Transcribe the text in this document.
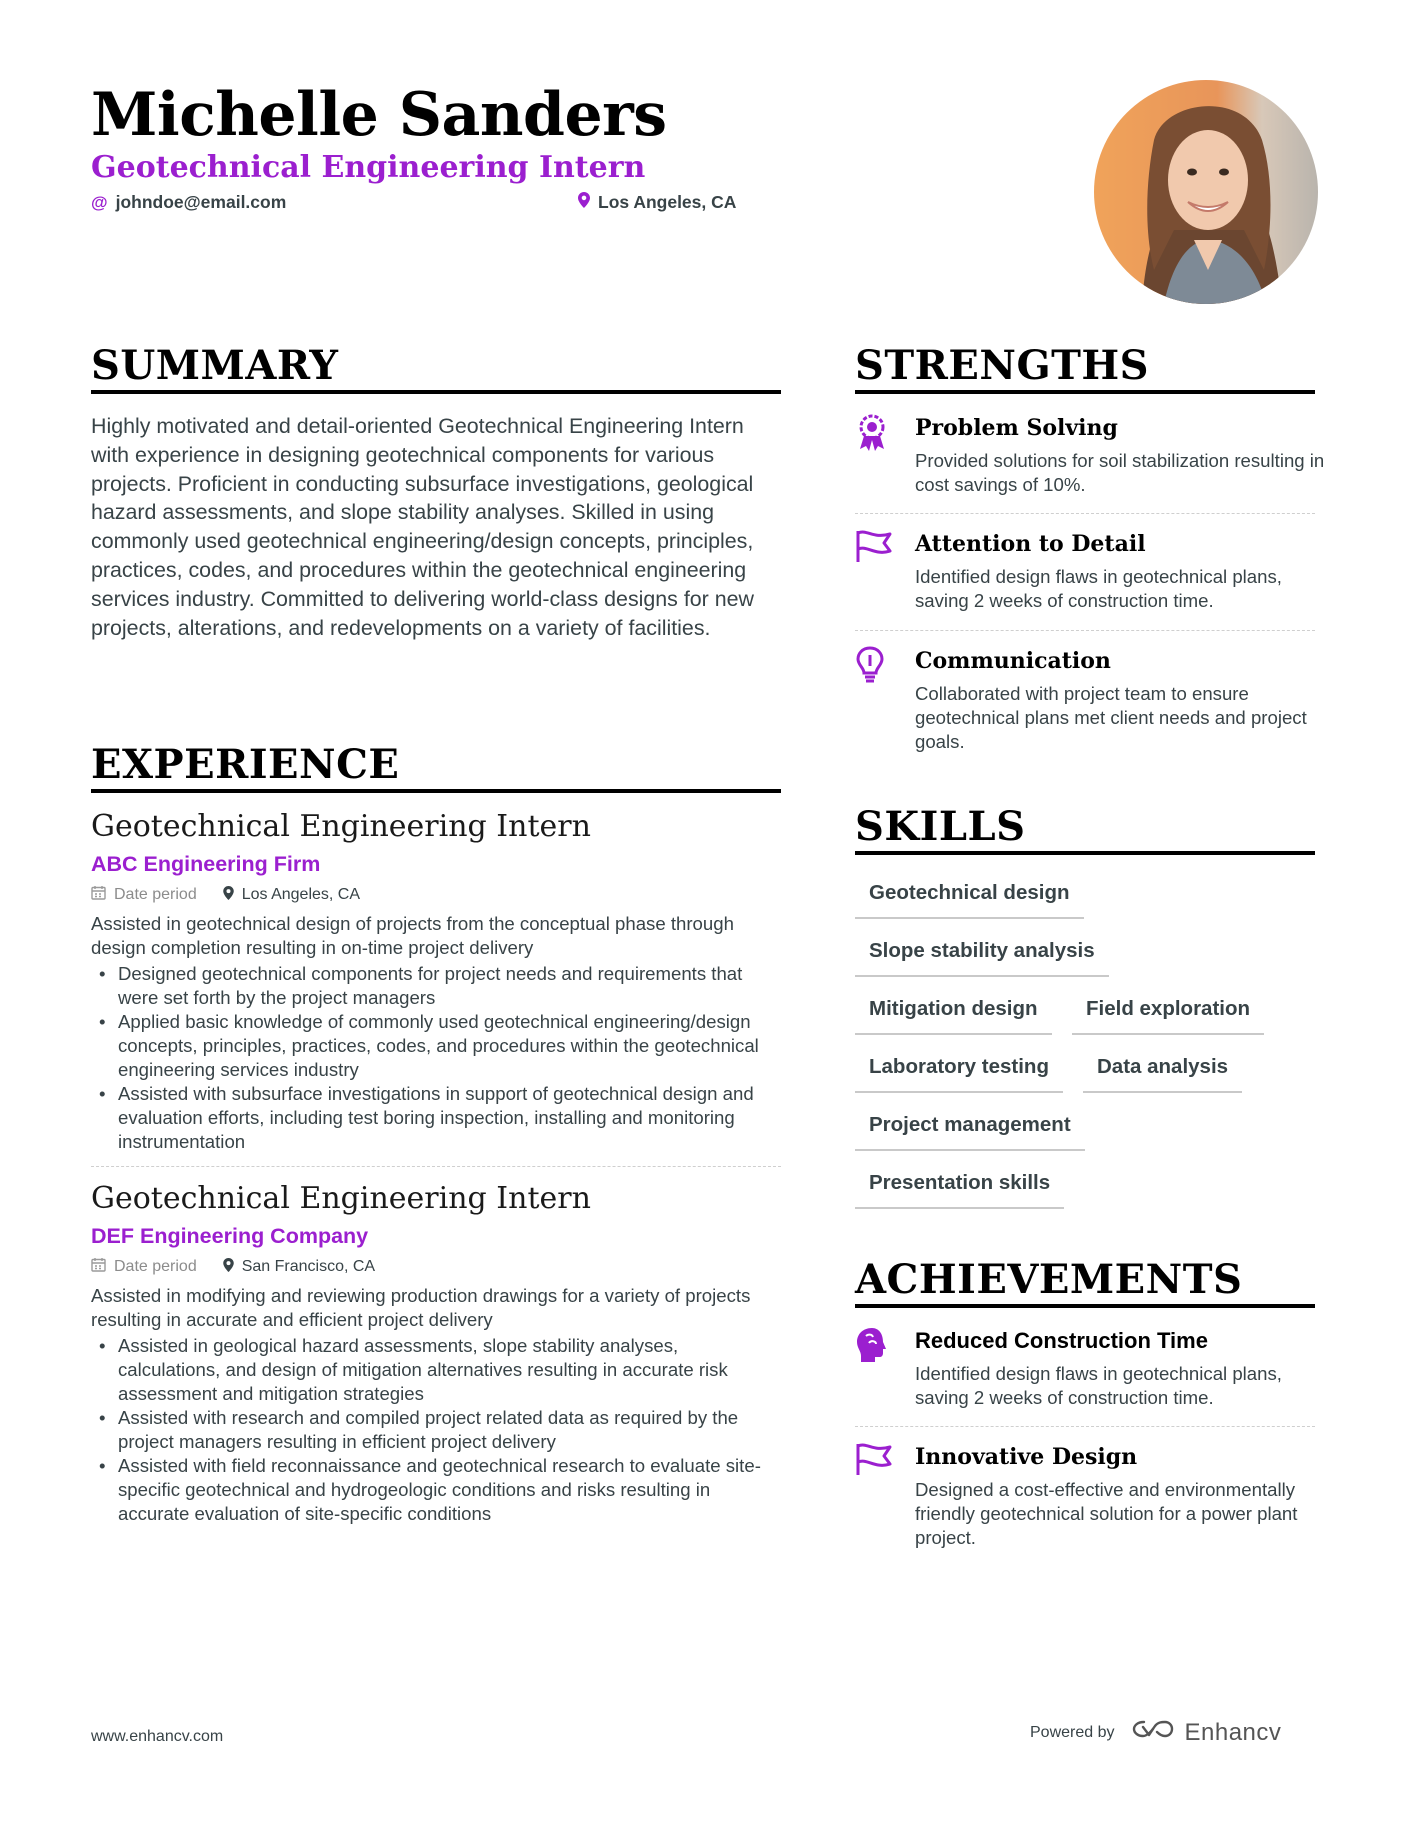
Michelle Sanders
Geotechnical Engineering Intern
@ johndoe@email.com	Los Angeles, CA
SUMMARY
Highly motivated and detail-oriented Geotechnical Engineering Intern with experience in designing geotechnical components for various projects. Proficient in conducting subsurface investigations, geological hazard assessments, and slope stability analyses. Skilled in using commonly used geotechnical engineering/design concepts, principles, practices, codes, and procedures within the geotechnical engineering services industry. Committed to delivering world-class designs for new projects, alterations, and redevelopments on a variety of facilities.
EXPERIENCE
Geotechnical Engineering Intern
ABC Engineering Firm
Date period	Los Angeles, CA
Assisted in geotechnical design of projects from the conceptual phase through design completion resulting in on-time project delivery
• Designed geotechnical components for project needs and requirements that were set forth by the project managers
• Applied basic knowledge of commonly used geotechnical engineering/design concepts, principles, practices, codes, and procedures within the geotechnical engineering services industry
• Assisted with subsurface investigations in support of geotechnical design and evaluation efforts, including test boring inspection, installing and monitoring instrumentation
Geotechnical Engineering Intern
DEF Engineering Company
Date period	San Francisco, CA
Assisted in modifying and reviewing production drawings for a variety of projects resulting in accurate and efficient project delivery
• Assisted in geological hazard assessments, slope stability analyses, calculations, and design of mitigation alternatives resulting in accurate risk assessment and mitigation strategies
• Assisted with research and compiled project related data as required by the project managers resulting in efficient project delivery
• Assisted with field reconnaissance and geotechnical research to evaluate site-specific geotechnical and hydrogeologic conditions and risks resulting in accurate evaluation of site-specific conditions
STRENGTHS
Problem Solving
Provided solutions for soil stabilization resulting in cost savings of 10%.
Attention to Detail
Identified design flaws in geotechnical plans, saving 2 weeks of construction time.
Communication
Collaborated with project team to ensure geotechnical plans met client needs and project goals.
SKILLS
Geotechnical design
Slope stability analysis
Mitigation design	Field exploration
Laboratory testing	Data analysis
Project management
Presentation skills
ACHIEVEMENTS
Reduced Construction Time
Identified design flaws in geotechnical plans, saving 2 weeks of construction time.
Innovative Design
Designed a cost-effective and environmentally friendly geotechnical solution for a power plant project.
www.enhancv.com	Powered by	Enhancv
